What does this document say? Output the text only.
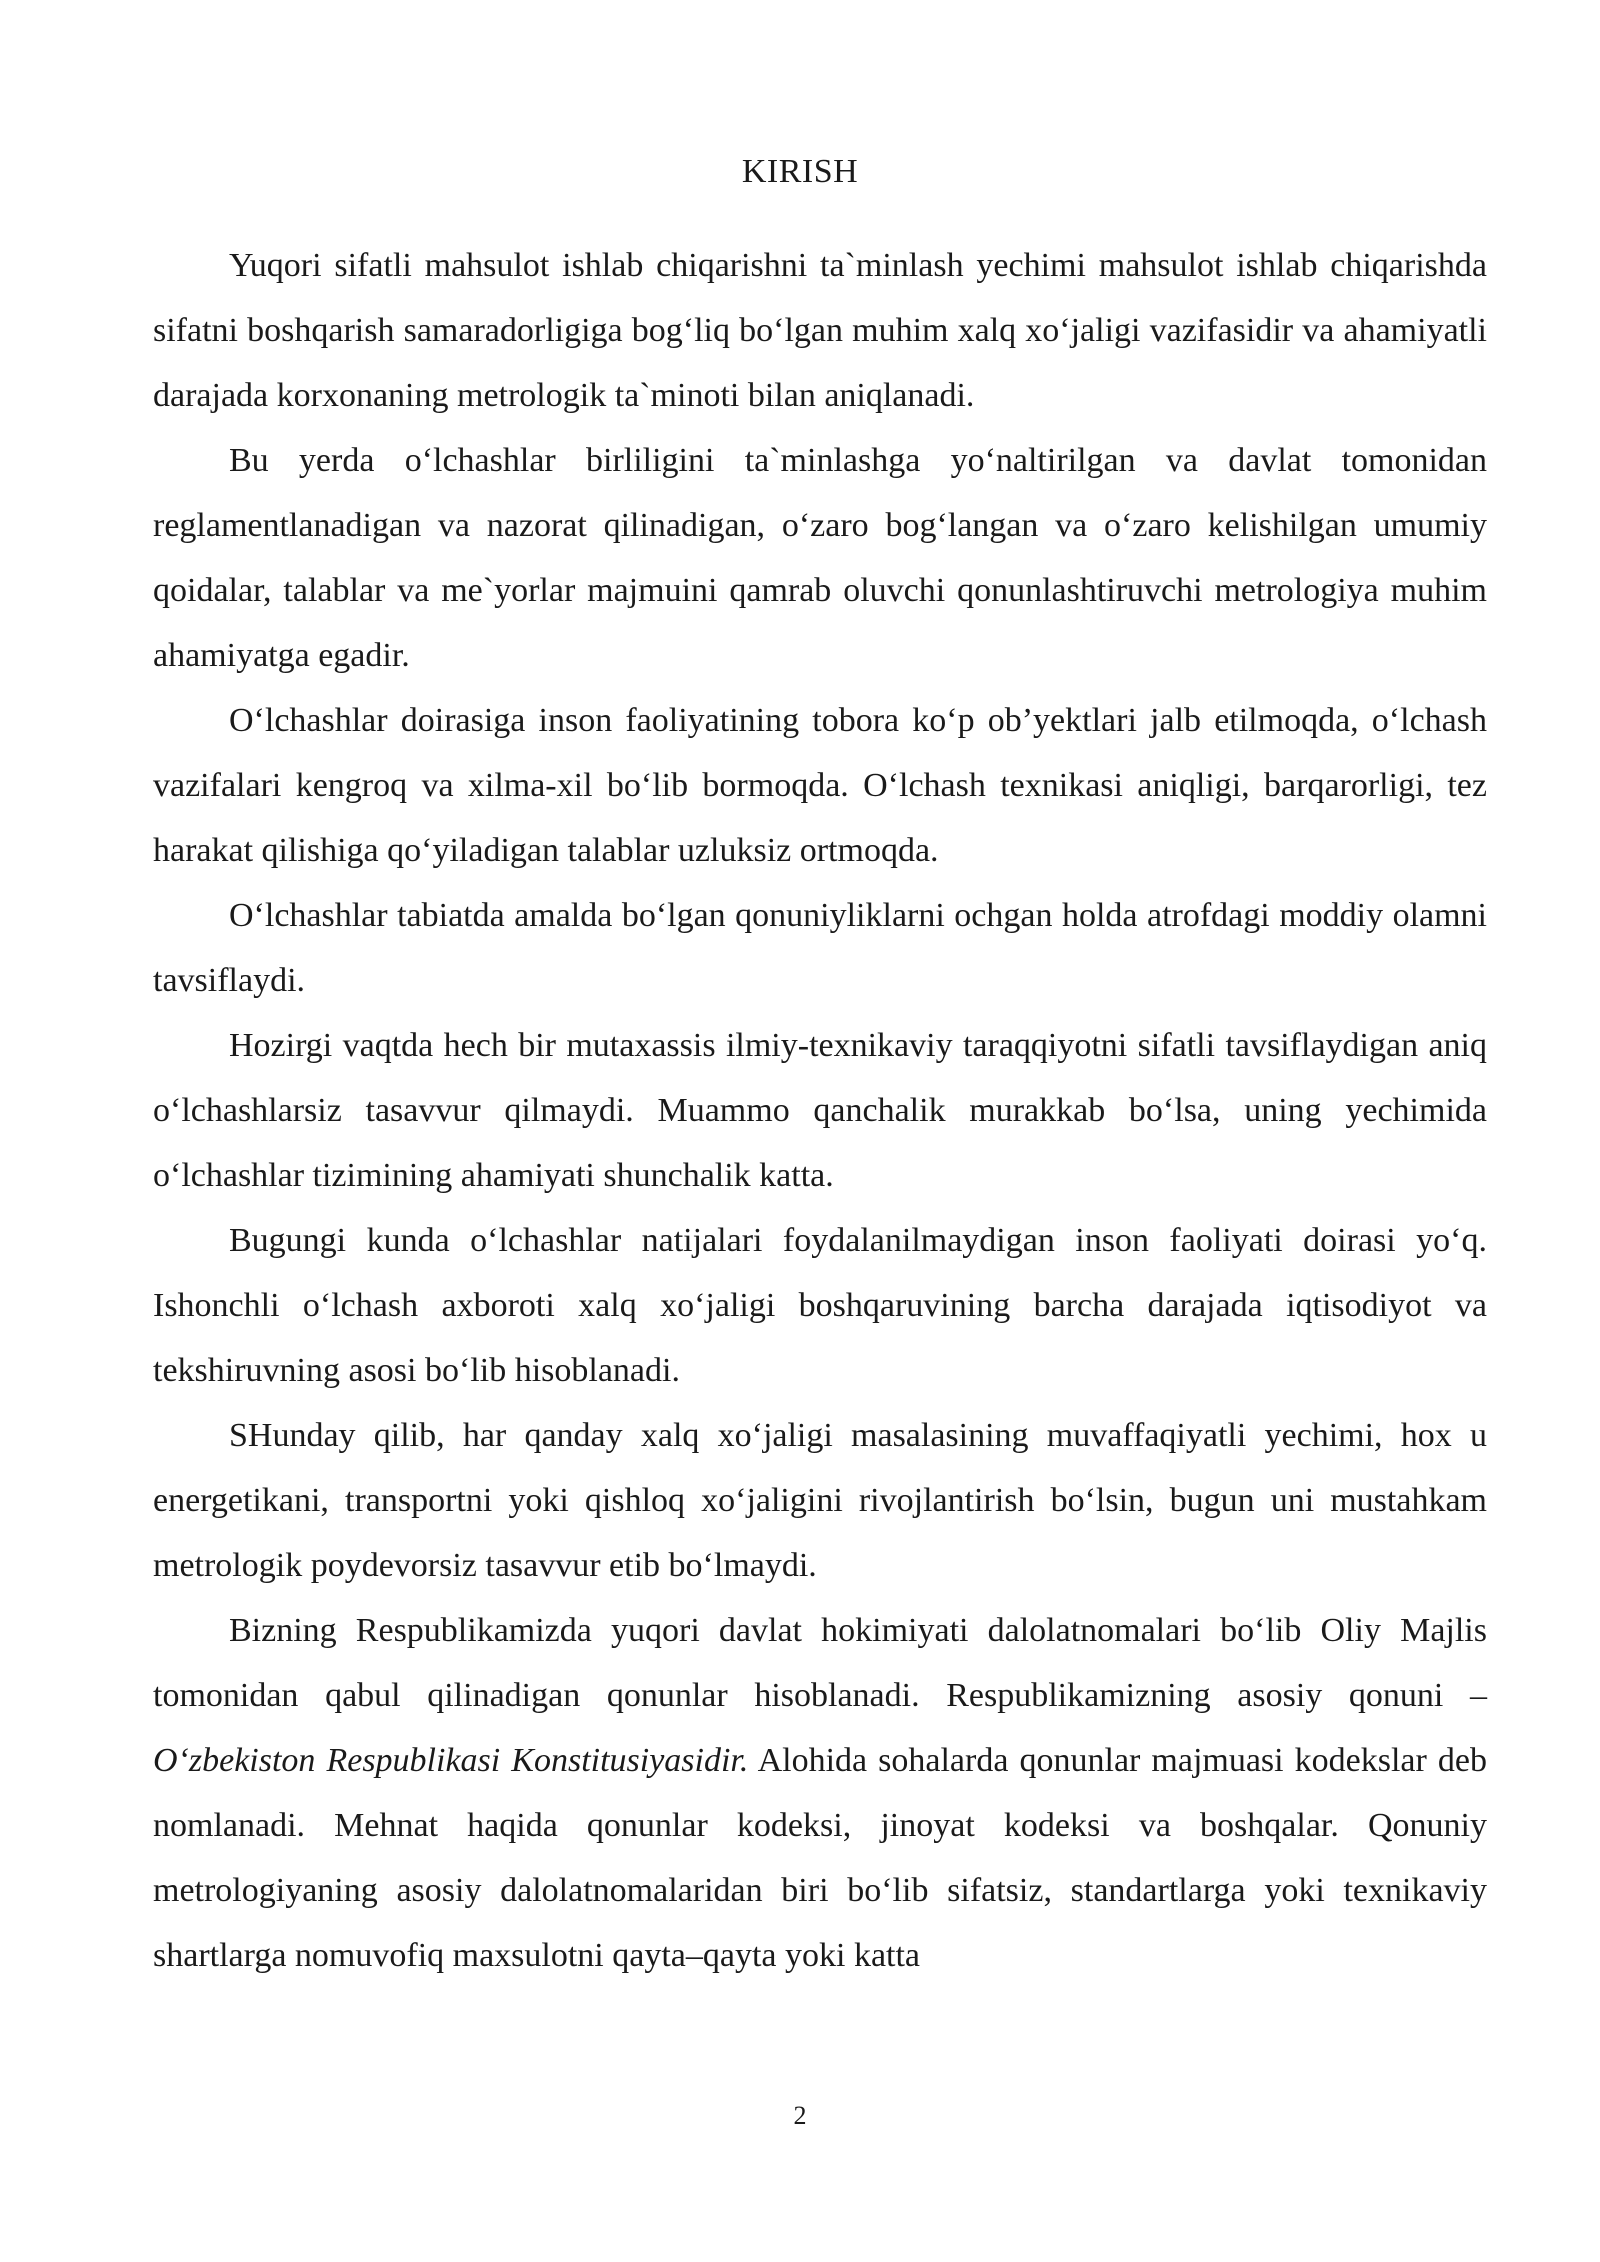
KIRISH

Yuqori sifatli mahsulot ishlab chiqarishni ta`minlash yechimi mahsulot ishlab chiqarishda sifatni boshqarish samaradorligiga bog‘liq bo‘lgan muhim xalq xo‘jaligi vazifasidir va ahamiyatli darajada korxonaning metrologik ta`minoti bilan aniqlanadi.

Bu yerda o‘lchashlar birliligini ta`minlashga yo‘naltirilgan va davlat tomonidan reglamentlanadigan va nazorat qilinadigan, o‘zaro bog‘langan va o‘zaro kelishilgan umumiy qoidalar, talablar va me`yorlar majmuini qamrab oluvchi qonunlashtiruvchi metrologiya muhim ahamiyatga egadir.

O‘lchashlar doirasiga inson faoliyatining tobora ko‘p ob’yektlari jalb etilmoqda, o‘lchash vazifalari kengroq va xilma-xil bo‘lib bormoqda. O‘lchash texnikasi aniqligi, barqarorligi, tez harakat qilishiga qo‘yiladigan talablar uzluksiz ortmoqda.

O‘lchashlar tabiatda amalda bo‘lgan qonuniyliklarni ochgan holda atrofdagi moddiy olamni tavsiflaydi.

Hozirgi vaqtda hech bir mutaxassis ilmiy-texnikaviy taraqqiyotni sifatli tavsiflaydigan aniq o‘lchashlarsiz tasavvur qilmaydi. Muammo qanchalik murakkab bo‘lsa, uning yechimida o‘lchashlar tizimining ahamiyati shunchalik katta.

Bugungi kunda o‘lchashlar natijalari foydalanilmaydigan inson faoliyati doirasi yo‘q. Ishonchli o‘lchash axboroti xalq xo‘jaligi boshqaruvining barcha darajada iqtisodiyot va tekshiruvning asosi bo‘lib hisoblanadi.

SHunday qilib, har qanday xalq xo‘jaligi masalasining muvaffaqiyatli yechimi, hox u energetikani, transportni yoki qishloq xo‘jaligini rivojlantirish bo‘lsin, bugun uni mustahkam metrologik poydevorsiz tasavvur etib bo‘lmaydi.

Bizning Respublikamizda yuqori davlat hokimiyati dalolatnomalari bo‘lib Oliy Majlis tomonidan qabul qilinadigan qonunlar hisoblanadi. Respublikamizning asosiy qonuni – O‘zbekiston Respublikasi Konstitusiyasidir. Alohida sohalarda qonunlar majmuasi kodekslar deb nomlanadi. Mehnat haqida qonunlar kodeksi, jinoyat kodeksi va boshqalar. Qonuniy metrologiyaning asosiy dalolatnomalaridan biri bo‘lib sifatsiz, standartlarga yoki texnikaviy shartlarga nomuvofiq maxsulotni qayta–qayta yoki katta

2
